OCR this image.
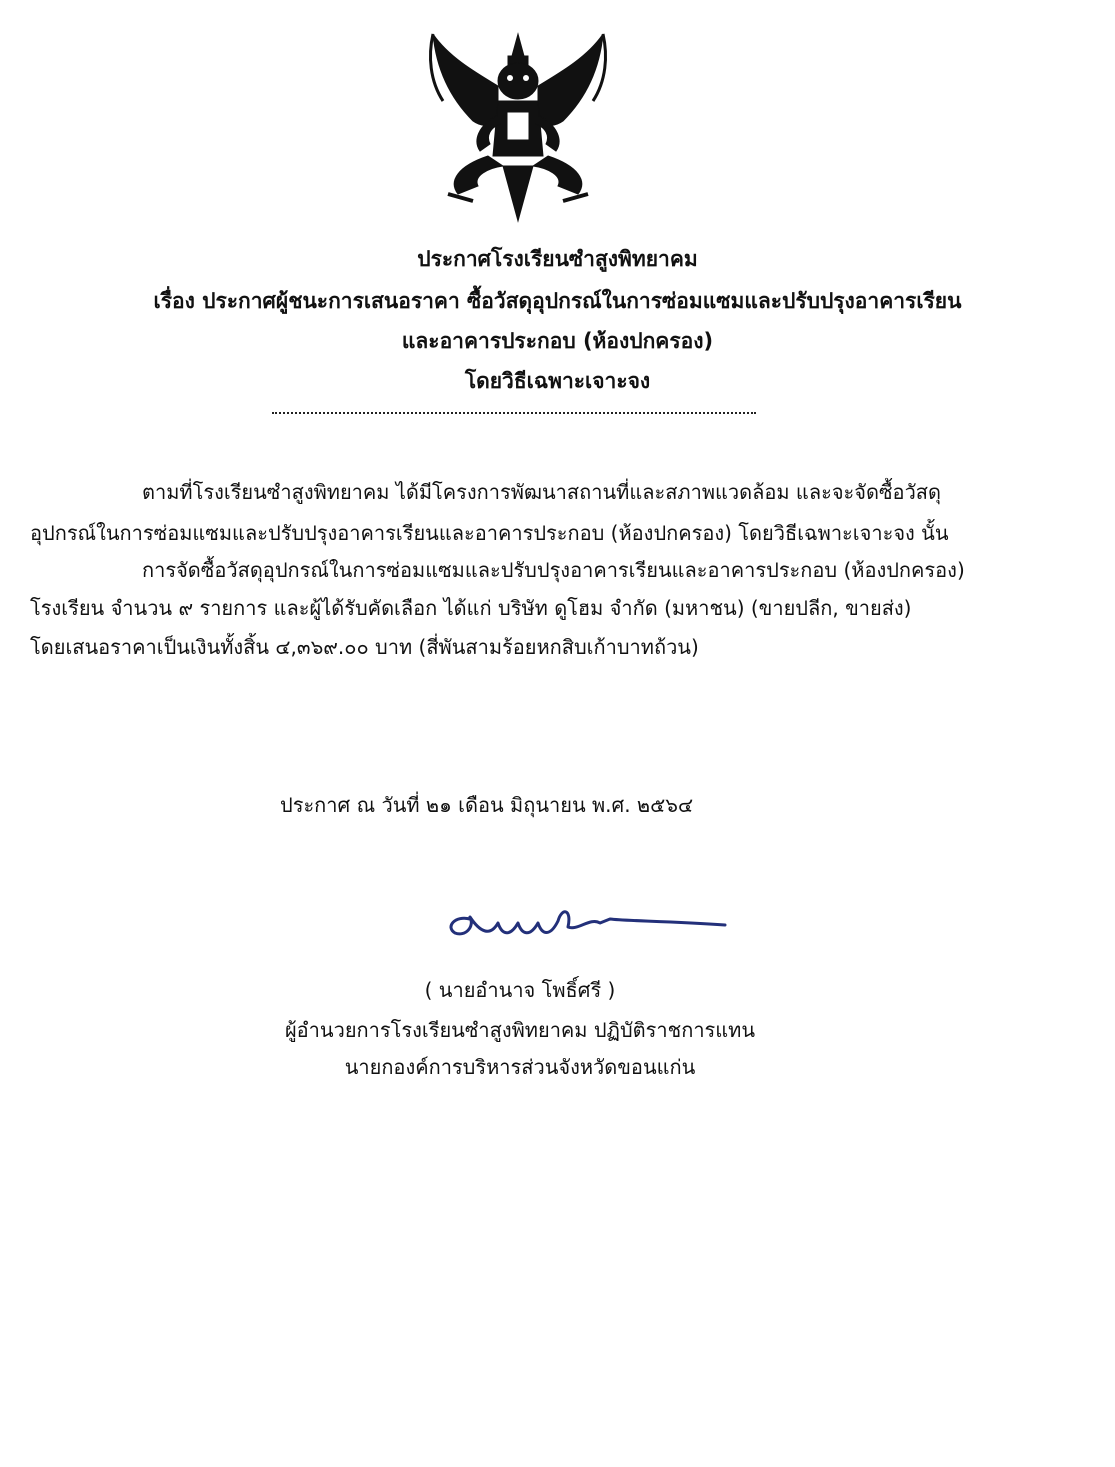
ประกาศโรงเรียนซำสูงพิทยาคม
เรื่อง ประกาศผู้ชนะการเสนอราคา ซื้อวัสดุอุปกรณ์ในการซ่อมแซมและปรับปรุงอาคารเรียน
และอาคารประกอบ (ห้องปกครอง)
โดยวิธีเฉพาะเจาะจง
ตามที่โรงเรียนซำสูงพิทยาคม ได้มีโครงการพัฒนาสถานที่และสภาพแวดล้อม และจะจัดซื้อวัสดุ
อุปกรณ์ในการซ่อมแซมและปรับปรุงอาคารเรียนและอาคารประกอบ (ห้องปกครอง) โดยวิธีเฉพาะเจาะจง นั้น
การจัดซื้อวัสดุอุปกรณ์ในการซ่อมแซมและปรับปรุงอาคารเรียนและอาคารประกอบ (ห้องปกครอง)
โรงเรียน จำนวน ๙ รายการ และผู้ได้รับคัดเลือก ได้แก่ บริษัท ดูโฮม จำกัด (มหาชน) (ขายปลีก, ขายส่ง)
โดยเสนอราคาเป็นเงินทั้งสิ้น ๔,๓๖๙.๐๐ บาท (สี่พันสามร้อยหกสิบเก้าบาทถ้วน)
ประกาศ ณ วันที่ ๒๑ เดือน มิถุนายน พ.ศ. ๒๕๖๔
( นายอำนาจ โพธิ์ศรี )
ผู้อำนวยการโรงเรียนซำสูงพิทยาคม ปฏิบัติราชการแทน
นายกองค์การบริหารส่วนจังหวัดขอนแก่น
